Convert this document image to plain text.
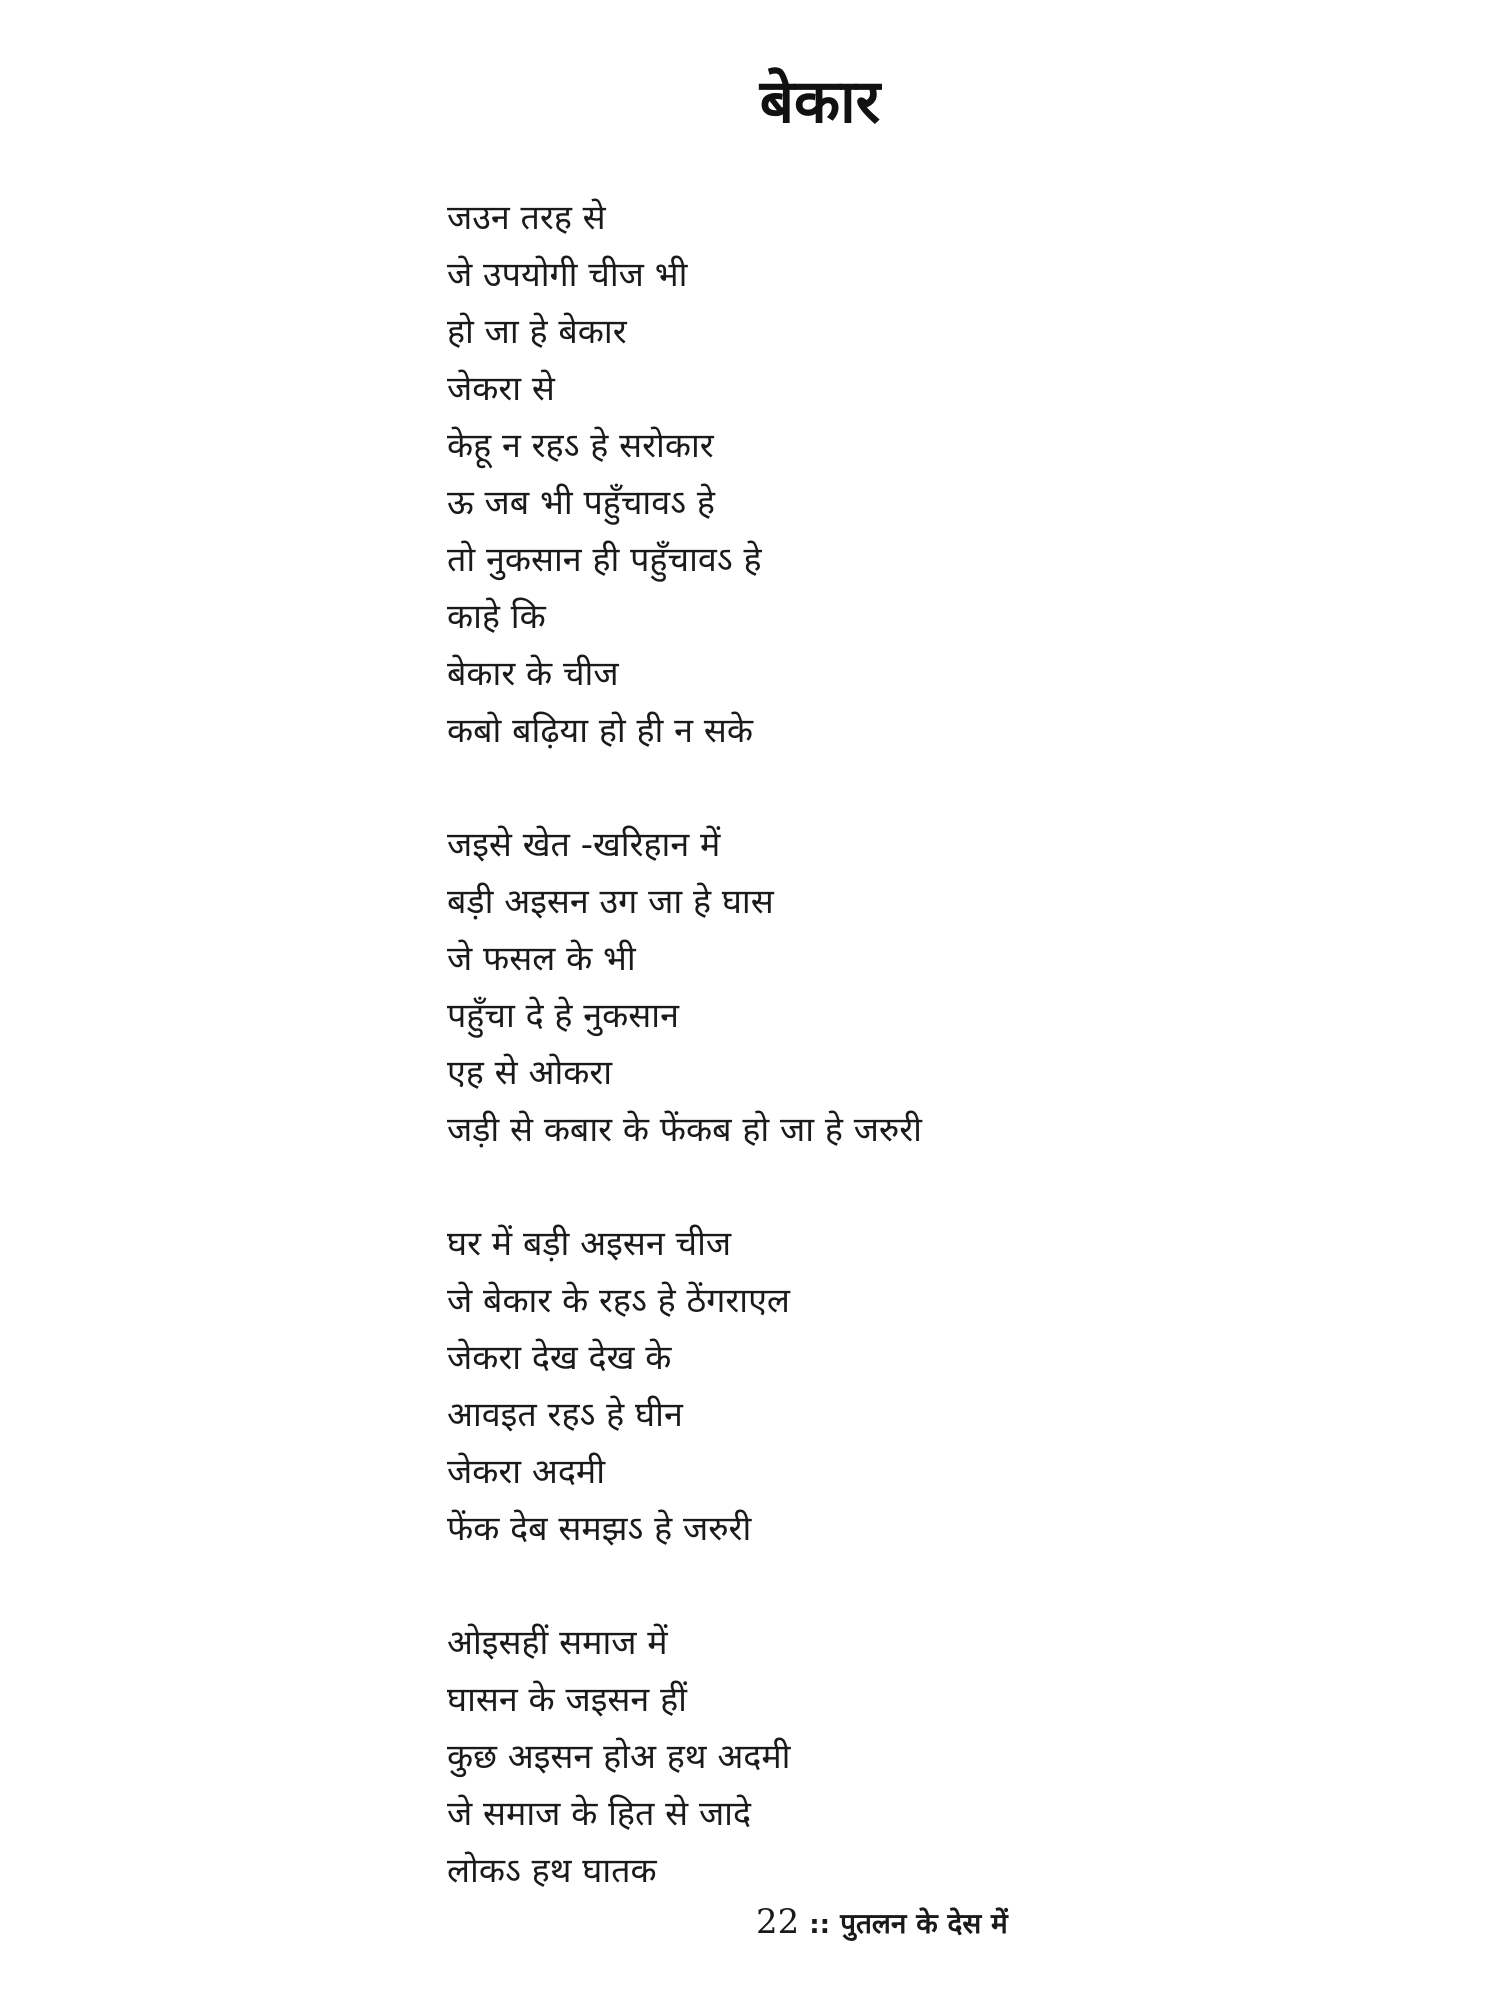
बेकार
जउन तरह से
जे उपयोगी चीज भी
हो जा हे बेकार
जेकरा से
केहू न रहऽ हे सरोकार
ऊ जब भी पहुँचावऽ हे
तो नुकसान ही पहुँचावऽ हे
काहे कि
बेकार के चीज
कबो बढ़िया हो ही न सके
जइसे खेत -खरिहान में
बड़ी अइसन उग जा हे घास
जे फसल के भी
पहुँचा दे हे नुकसान
एह से ओकरा
जड़ी से कबार के फेंकब हो जा हे जरुरी
घर में बड़ी अइसन चीज
जे बेकार के रहऽ हे ठेंगराएल
जेकरा देख देख के
आवइत रहऽ हे घीन
जेकरा अदमी
फेंक देब समझऽ हे जरुरी
ओइसहीं समाज में
घासन के जइसन हीं
कुछ अइसन होअ हथ अदमी
जे समाज के हित से जादे
लोकऽ हथ घातक
22 :: पुतलन के देस में
